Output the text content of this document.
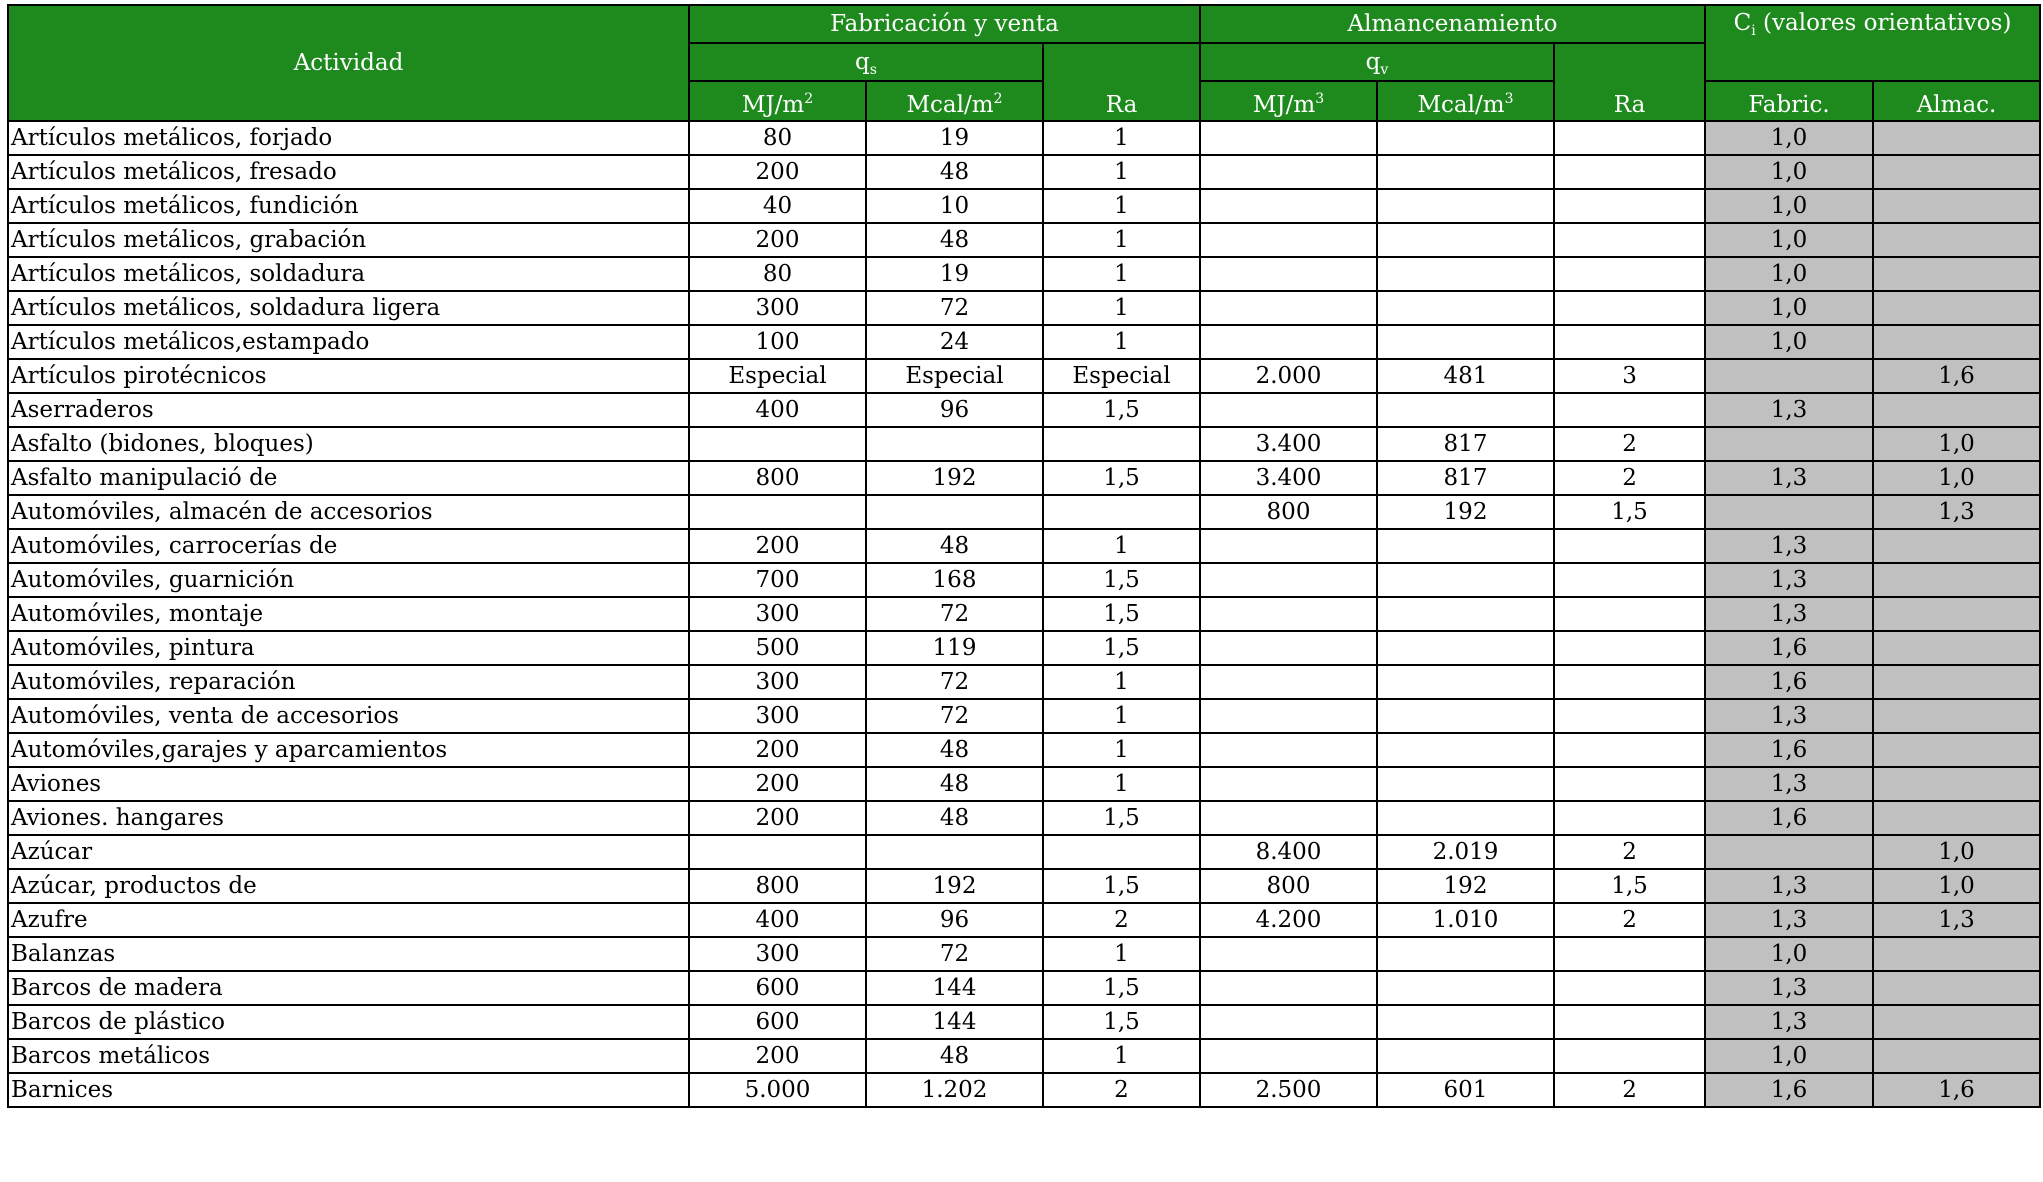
Actividad	Fabricación y venta			Almancenamiento			$C_i$ (valores orientativos)	
	$q_s$		Ra	$q_v$		Ra		
	$MJ/m^2$	Mcal/$m^2$		$MJ/m^3$	Mcal/$m^3$		Fabric.	Almac.
Artículos metálicos, forjado	80	19	1				1,0	
Artículos metálicos, fresado	200	48	1				1,0	
Artículos metálicos, fundición	40	10	1				1,0	
Artículos metálicos, grabación	200	48	1				1,0	
Artículos metálicos, soldadura	80	19	1				1,0	
Artículos metálicos, soldadura ligera	300	72	1				1,0	
Artículos metálicos,estampado	100	24	1				1,0	
Artículos pirotécnicos	Especial	Especial	Especial	2.000	481	3		1,6
Aserraderos	400	96	1,5				1,3	
Asfalto (bidones, bloques)				3.400	817	2		1,0
Asfalto manipulació de	800	192	1,5	3.400	817	2	1,3	1,0
Automóviles, almacén de accesorios				800	192	1,5		1,3
Automóviles, carrocerías de	200	48	1				1,3	
Automóviles, guarnición	700	168	1,5				1,3	
Automóviles, montaje	300	72	1,5				1,3	
Automóviles, pintura	500	119	1,5				1,6	
Automóviles, reparación	300	72	1				1,6	
Automóviles, venta de accesorios	300	72	1				1,3	
Automóviles,garajes y aparcamientos	200	48	1				1,6	
Aviones	200	48	1				1,3	
Aviones. hangares	200	48	1,5				1,6	
Azúcar				8.400	2.019	2		1,0
Azúcar, productos de	800	192	1,5	800	192	1,5	1,3	1,0
Azufre	400	96	2	4.200	1.010	2	1,3	1,3
Balanzas	300	72	1				1,0	
Barcos de madera	600	144	1,5				1,3	
Barcos de plástico	600	144	1,5				1,3	
Barcos metálicos	200	48	1				1,0	
Barnices	5.000	1.202	2	2.500	601	2	1,6	1,6
